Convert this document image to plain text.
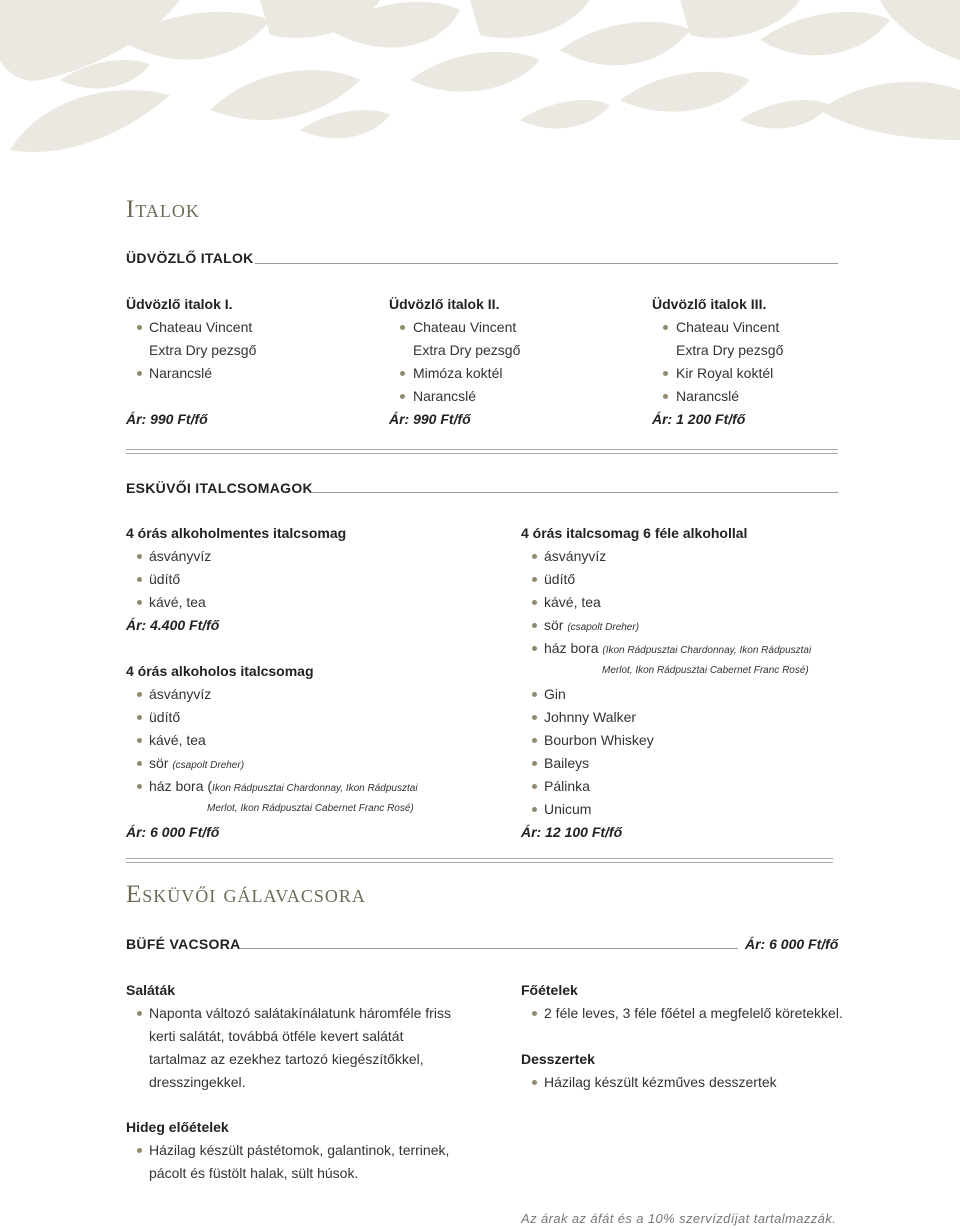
Italok
ÜDVÖZLŐ ITALOK
Üdvözlő italok I.
Chateau Vincent
Extra Dry pezsgő
Narancslé
Ár: 990 Ft/fő
Üdvözlő italok II.
Chateau Vincent
Extra Dry pezsgő
Mimóza koktél
Narancslé
Ár: 990 Ft/fő
Üdvözlő italok III.
Chateau Vincent
Extra Dry pezsgő
Kir Royal koktél
Narancslé
Ár: 1 200 Ft/fő
ESKÜVŐI ITALCSOMAGOK
4 órás alkoholmentes italcsomag
ásványvíz
üdítő
kávé, tea
Ár: 4.400 Ft/fő
4 órás alkoholos italcsomag
ásványvíz
üdítő
kávé, tea
sör (csapolt Dreher)
ház bora (Ikon Rádpusztai Chardonnay, Ikon Rádpusztai
Merlot, Ikon Rádpusztai Cabernet Franc Rosé)
Ár: 6 000 Ft/fő
4 órás italcsomag 6 féle alkohollal
ásványvíz
üdítő
kávé, tea
sör (csapolt Dreher)
ház bora (Ikon Rádpusztai Chardonnay, Ikon Rádpusztai
Merlot, Ikon Rádpusztai Cabernet Franc Rosé)
Gin
Johnny Walker
Bourbon Whiskey
Baileys
Pálinka
Unicum
Ár: 12 100 Ft/fő
Esküvői gálavacsora
BÜFÉ VACSORA	Ár: 6 000 Ft/fő
Saláták
Naponta változó salátakínálatunk háromféle friss
kerti salátát, továbbá ötféle kevert salátát
tartalmaz az ezekhez tartozó kiegészítőkkel,
dresszingekkel.
Főételek
2 féle leves, 3 féle főétel a megfelelő köretekkel.
Desszertek
Házilag készült kézműves desszertek
Hideg előételek
Házilag készült pástétomok, galantinok, terrinek,
pácolt és füstölt halak, sült húsok.
Az árak az áfát és a 10% szervízdíjat tartalmazzák.
